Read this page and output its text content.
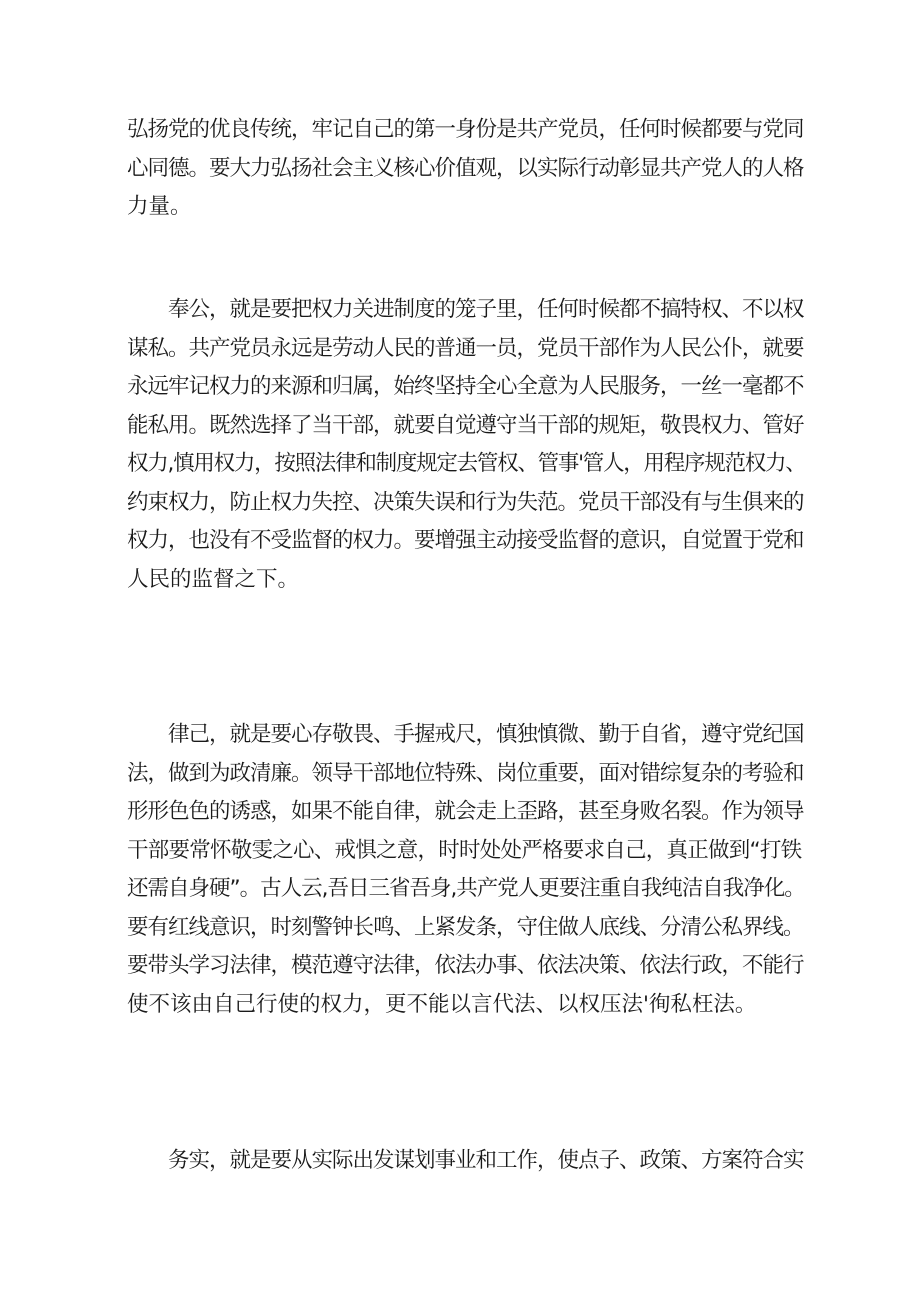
弘扬党的优良传统，牢记自己的第一身份是共产党员，任何时候都要与党同
心同德。要大力弘扬社会主义核心价值观，以实际行动彰显共产党人的人格
力量。

　　奉公，就是要把权力关进制度的笼子里，任何时候都不搞特权、不以权
谋私。共产党员永远是劳动人民的普通一员，党员干部作为人民公仆，就要
永远牢记权力的来源和归属，始终坚持全心全意为人民服务，一丝一毫都不
能私用。既然选择了当干部，就要自觉遵守当干部的规矩，敬畏权力、管好
权力,慎用权力，按照法律和制度规定去管权、管事'管人，用程序规范权力、
约束权力，防止权力失控、决策失误和行为失范。党员干部没有与生俱来的
权力，也没有不受监督的权力。要增强主动接受监督的意识，自觉置于党和
人民的监督之下。

　　律己，就是要心存敬畏、手握戒尺，慎独慎微、勤于自省，遵守党纪国
法，做到为政清廉。领导干部地位特殊、岗位重要，面对错综复杂的考验和
形形色色的诱惑，如果不能自律，就会走上歪路，甚至身败名裂。作为领导
干部要常怀敬雯之心、戒惧之意，时时处处严格要求自己，真正做到“打铁
还需自身硬”。古人云,吾日三省吾身,共产党人更要注重自我纯洁自我净化。
要有红线意识，时刻警钟长鸣、上紧发条，守住做人底线、分清公私界线。
要带头学习法律，模范遵守法律，依法办事、依法决策、依法行政，不能行
使不该由自己行使的权力，更不能以言代法、以权压法'徇私枉法。

　　务实，就是要从实际出发谋划事业和工作，使点子、政策、方案符合实
